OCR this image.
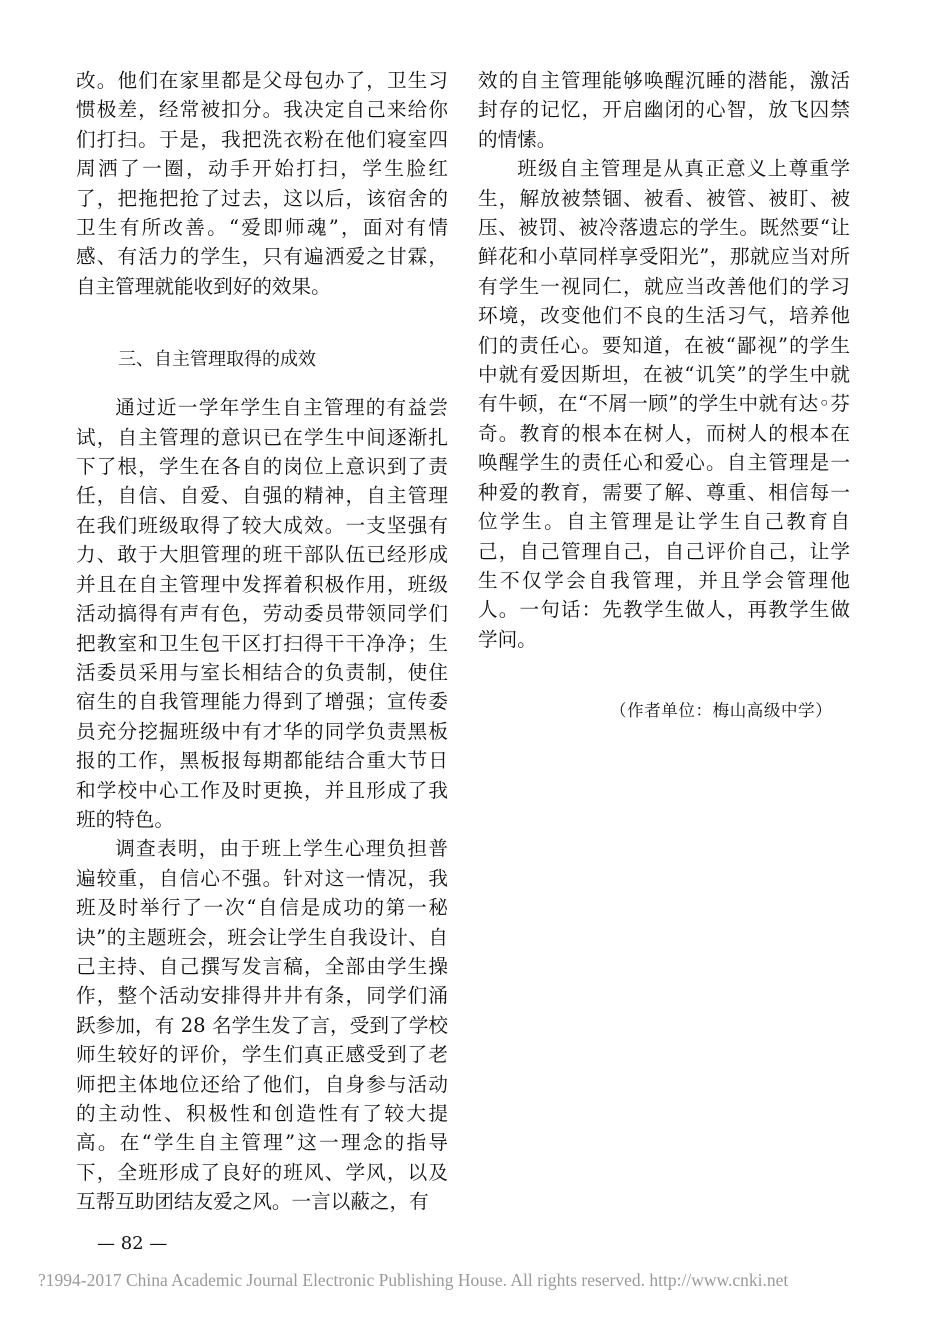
改。他们在家里都是父母包办了，卫生习惯极差，经常被扣分。我决定自己来给你们打扫。于是，我把洗衣粉在他们寝室四周洒了一圈，动手开始打扫，学生脸红了，把拖把抢了过去，这以后，该宿舍的卫生有所改善。“爱即师魂”，面对有情感、有活力的学生，只有遍洒爱之甘霖，自主管理就能收到好的效果。

通过近一学年学生自主管理的有益尝试，自主管理的意识已在学生中间逐渐扎下了根，学生在各自的岗位上意识到了责任，自信、自爱、自强的精神，自主管理在我们班级取得了较大成效。一支坚强有力、敢于大胆管理的班干部队伍已经形成并且在自主管理中发挥着积极作用，班级活动搞得有声有色，劳动委员带领同学们把教室和卫生包干区打扫得干干净净；生活委员采用与室长相结合的负责制，使住宿生的自我管理能力得到了增强；宣传委员充分挖掘班级中有才华的同学负责黑板报的工作，黑板报每期都能结合重大节日和学校中心工作及时更换，并且形成了我班的特色。

调查表明，由于班上学生心理负担普遍较重，自信心不强。针对这一情况，我班及时举行了一次“自信是成功的第一秘诀”的主题班会，班会让学生自我设计、自己主持、自己撰写发言稿，全部由学生操作，整个活动安排得井井有条，同学们涌跃参加，有 28 名学生发了言，受到了学校师生较好的评价，学生们真正感受到了老师把主体地位还给了他们，自身参与活动的主动性、积极性和创造性有了较大提高。在“学生自主管理”这一理念的指导下，全班形成了良好的班风、学风，以及互帮互助团结友爱之风。一言以蔽之，有

三、自主管理取得的成效

效的自主管理能够唤醒沉睡的潜能，激活封存的记忆，开启幽闭的心智，放飞囚禁的情愫。

班级自主管理是从真正意义上尊重学生，解放被禁锢、被看、被管、被盯、被压、被罚、被冷落遗忘的学生。既然要“让鲜花和小草同样享受阳光”，那就应当对所有学生一视同仁，就应当改善他们的学习环境，改变他们不良的生活习气，培养他们的责任心。要知道，在被“鄙视”的学生中就有爱因斯坦，在被“讥笑”的学生中就有牛顿，在“不屑一顾”的学生中就有达◦芬奇。教育的根本在树人，而树人的根本在唤醒学生的责任心和爱心。自主管理是一种爱的教育，需要了解、尊重、相信每一位学生。自主管理是让学生自己教育自己，自己管理自己，自己评价自己，让学生不仅学会自我管理，并且学会管理他人。一句话：先教学生做人，再教学生做学问。

（作者单位：梅山高级中学）

— 82 —

?1994-2017 China Academic Journal Electronic Publishing House. All rights reserved. http://www.cnki.net
